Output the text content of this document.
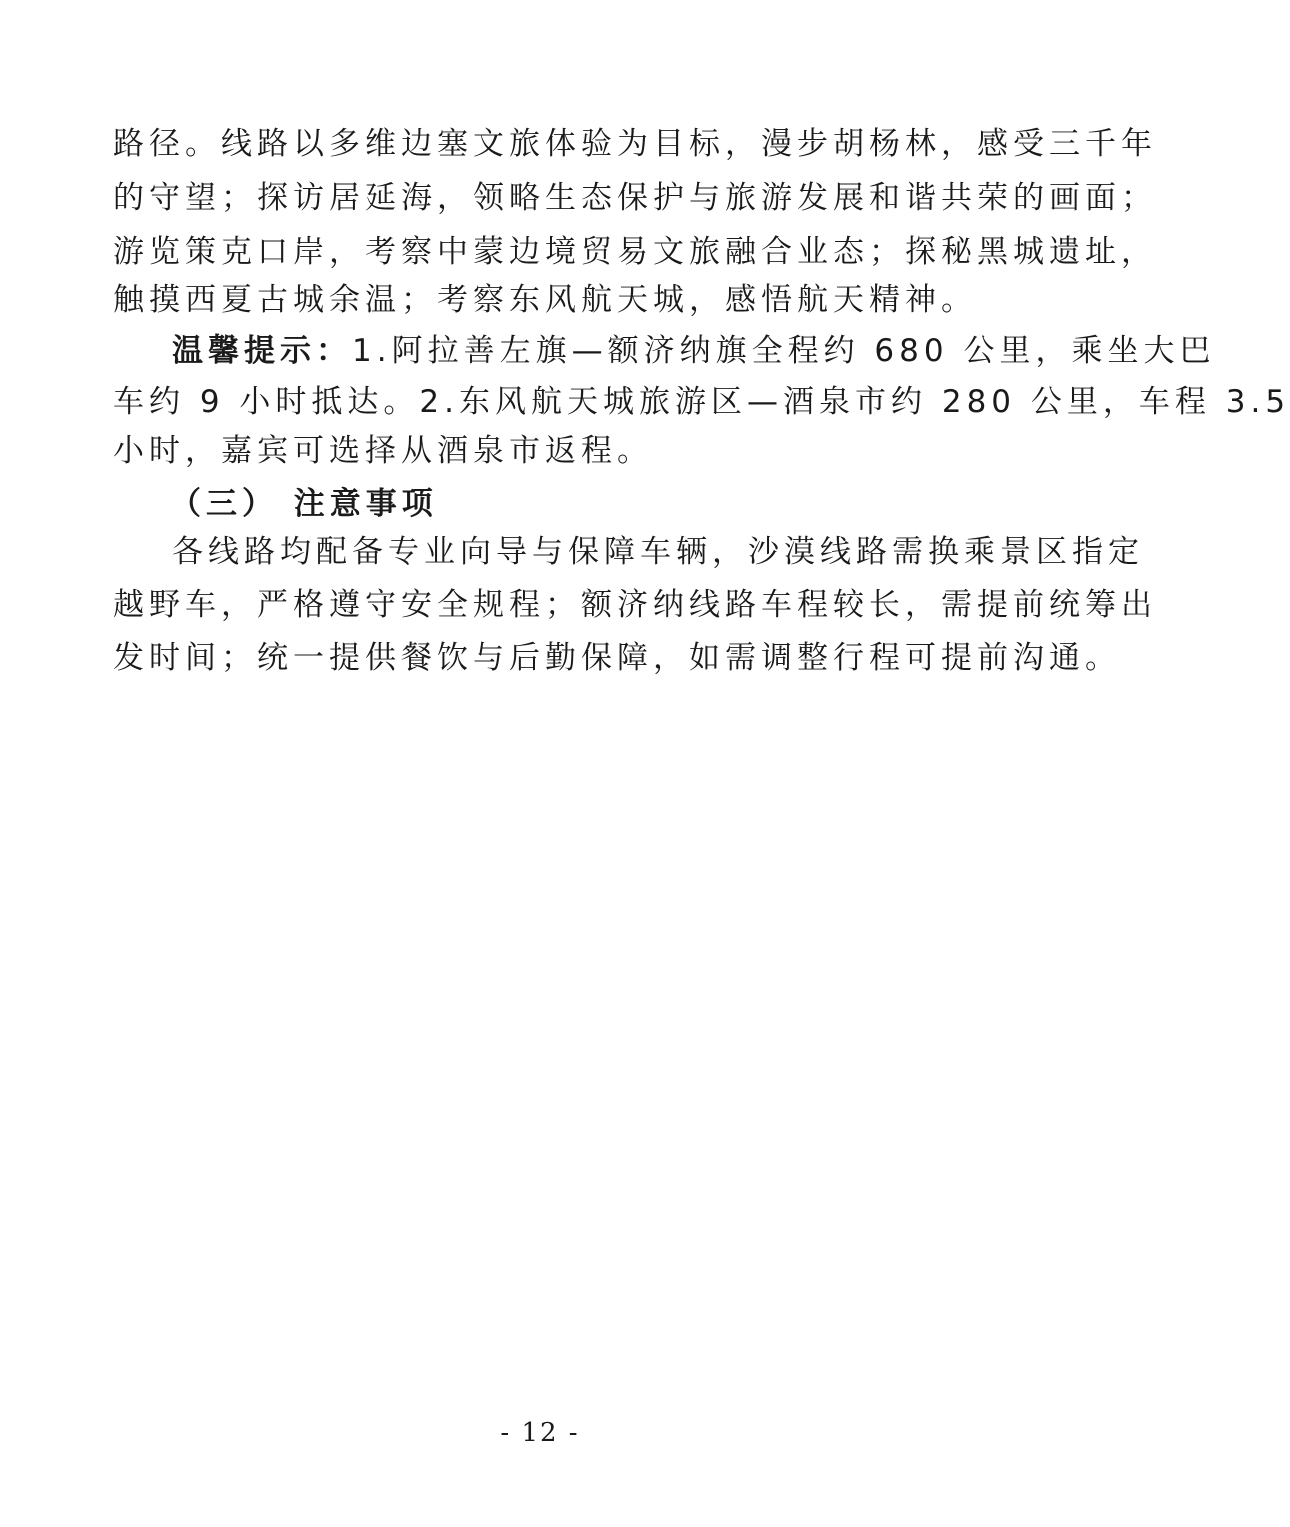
路径。线路以多维边塞文旅体验为目标，漫步胡杨林，感受三千年
的守望；探访居延海，领略生态保护与旅游发展和谐共荣的画面；
游览策克口岸，考察中蒙边境贸易文旅融合业态；探秘黑城遗址，
触摸西夏古城余温；考察东风航天城，感悟航天精神。
温馨提示：1.阿拉善左旗—额济纳旗全程约 680 公里，乘坐大巴
车约 9 小时抵达。2.东风航天城旅游区—酒泉市约 280 公里，车程 3.5
小时，嘉宾可选择从酒泉市返程。
（三） 注意事项
各线路均配备专业向导与保障车辆，沙漠线路需换乘景区指定
越野车，严格遵守安全规程；额济纳线路车程较长，需提前统筹出
发时间；统一提供餐饮与后勤保障，如需调整行程可提前沟通。
- 12 -
